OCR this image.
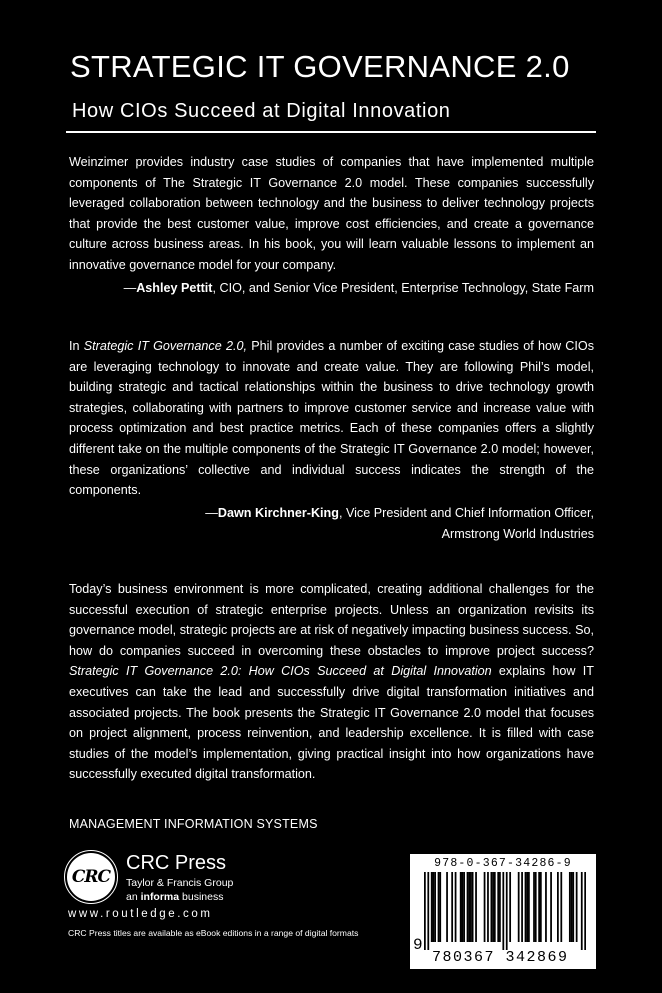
STRATEGIC IT GOVERNANCE 2.0
How CIOs Succeed at Digital Innovation
Weinzimer provides industry case studies of companies that have implemented multiple components of The Strategic IT Governance 2.0 model. These companies successfully leveraged collaboration between technology and the business to deliver technology projects that provide the best customer value, improve cost efficiencies, and create a governance culture across business areas. In his book, you will learn valuable lessons to implement an innovative governance model for your company.
—Ashley Pettit, CIO, and Senior Vice President, Enterprise Technology, State Farm
In Strategic IT Governance 2.0, Phil provides a number of exciting case studies of how CIOs are leveraging technology to innovate and create value. They are following Phil’s model, building strategic and tactical relationships within the business to drive technology growth strategies, collaborating with partners to improve customer service and increase value with process optimization and best practice metrics. Each of these companies offers a slightly different take on the multiple components of the Strategic IT Governance 2.0 model; however, these organizations’ collective and individual success indicates the strength of the components.
—Dawn Kirchner-King, Vice President and Chief Information Officer,
Armstrong World Industries
Today’s business environment is more complicated, creating additional challenges for the successful execution of strategic enterprise projects. Unless an organization revisits its governance model, strategic projects are at risk of negatively impacting business success. So, how do companies succeed in overcoming these obstacles to improve project success? Strategic IT Governance 2.0: How CIOs Succeed at Digital Innovation explains how IT executives can take the lead and successfully drive digital transformation initiatives and associated projects. The book presents the Strategic IT Governance 2.0 model that focuses on project alignment, process reinvention, and leadership excellence. It is filled with case studies of the model’s implementation, giving practical insight into how organizations have successfully executed digital transformation.
MANAGEMENT INFORMATION SYSTEMS
CRC
CRC Press
Taylor & Francis Group
an informa business
www.routledge.com
CRC Press titles are available as eBook editions in a range of digital formats
978-0-367-34286-9
9
780367 342869
